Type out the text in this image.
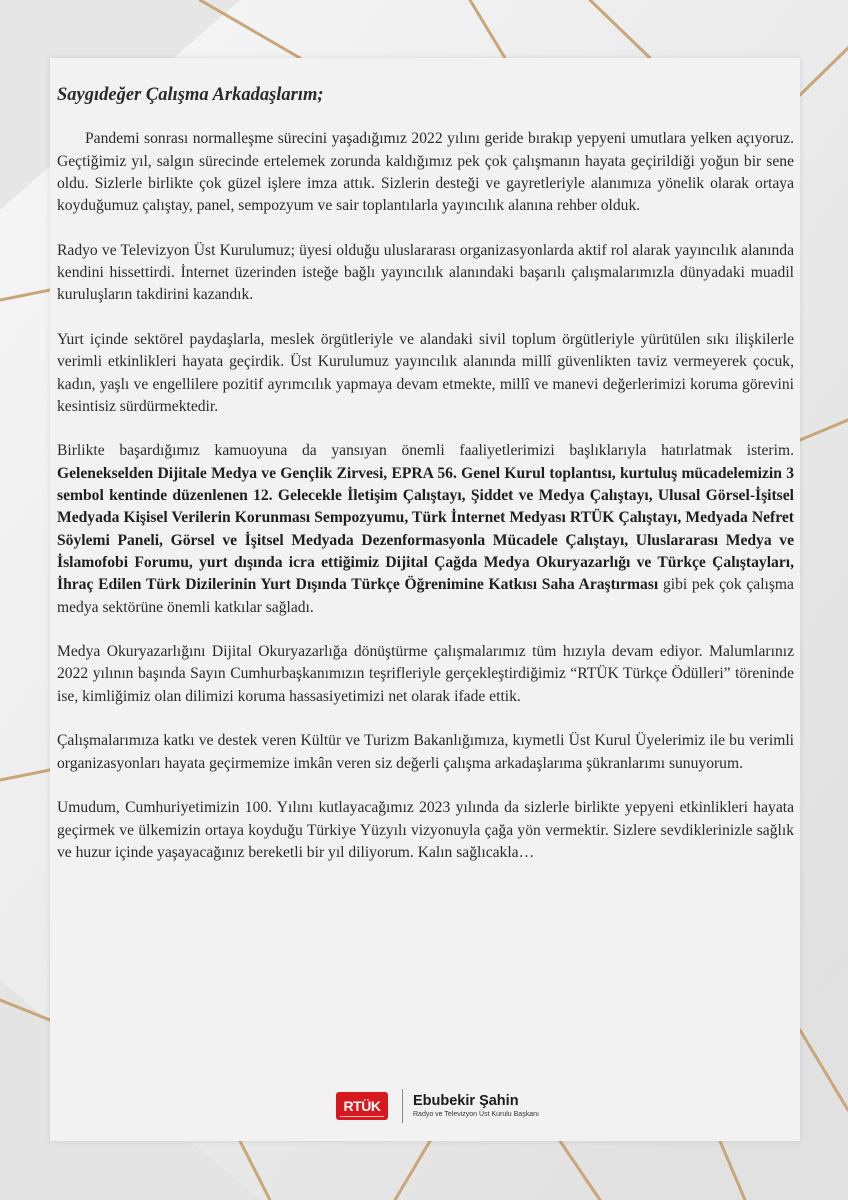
Saygıdeğer Çalışma Arkadaşlarım;

Pandemi sonrası normalleşme sürecini yaşadığımız 2022 yılını geride bırakıp yepyeni umutlara yelken açıyoruz. Geçtiğimiz yıl, salgın sürecinde ertelemek zorunda kaldığımız pek çok çalışmanın hayata geçirildiği yoğun bir sene oldu. Sizlerle birlikte çok güzel işlere imza attık. Sizlerin desteği ve gayretleriyle alanımıza yönelik olarak ortaya koyduğumuz çalıştay, panel, sempozyum ve sair toplantılarla yayıncılık alanına rehber olduk.

Radyo ve Televizyon Üst Kurulumuz; üyesi olduğu uluslararası organizasyonlarda aktif rol alarak yayıncılık alanında kendini hissettirdi. İnternet üzerinden isteğe bağlı yayıncılık alanındaki başarılı çalışmalarımızla dünyadaki muadil kuruluşların takdirini kazandık.

Yurt içinde sektörel paydaşlarla, meslek örgütleriyle ve alandaki sivil toplum örgütleriyle yürütülen sıkı ilişkilerle verimli etkinlikleri hayata geçirdik. Üst Kurulumuz yayıncılık alanında millî güvenlikten taviz vermeyerek çocuk, kadın, yaşlı ve engellilere pozitif ayrımcılık yapmaya devam etmekte, millî ve manevi değerlerimizi koruma görevini kesintisiz sürdürmektedir.

Birlikte başardığımız kamuoyuna da yansıyan önemli faaliyetlerimizi başlıklarıyla hatırlatmak isterim. Gelenekselden Dijitale Medya ve Gençlik Zirvesi, EPRA 56. Genel Kurul toplantısı, kurtuluş mücadelemizin 3 sembol kentinde düzenlenen 12. Gelecekle İletişim Çalıştayı, Şiddet ve Medya Çalıştayı, Ulusal Görsel-İşitsel Medyada Kişisel Verilerin Korunması Sempozyumu, Türk İnternet Medyası RTÜK Çalıştayı, Medyada Nefret Söylemi Paneli, Görsel ve İşitsel Medyada Dezenformasyonla Mücadele Çalıştayı, Uluslararası Medya ve İslamofobi Forumu, yurt dışında icra ettiğimiz Dijital Çağda Medya Okuryazarlığı ve Türkçe Çalıştayları, İhraç Edilen Türk Dizilerinin Yurt Dışında Türkçe Öğrenimine Katkısı Saha Araştırması gibi pek çok çalışma medya sektörüne önemli katkılar sağladı.

Medya Okuryazarlığını Dijital Okuryazarlığa dönüştürme çalışmalarımız tüm hızıyla devam ediyor. Malumlarınız 2022 yılının başında Sayın Cumhurbaşkanımızın teşrifleriyle gerçekleştirdiğimiz “RTÜK Türkçe Ödülleri” töreninde ise, kimliğimiz olan dilimizi koruma hassasiyetimizi net olarak ifade ettik.

Çalışmalarımıza katkı ve destek veren Kültür ve Turizm Bakanlığımıza, kıymetli Üst Kurul Üyelerimiz ile bu verimli organizasyonları hayata geçirmemize imkân veren siz değerli çalışma arkadaşlarıma şükranlarımı sunuyorum.

Umudum, Cumhuriyetimizin 100. Yılını kutlayacağımız 2023 yılında da sizlerle birlikte yepyeni etkinlikleri hayata geçirmek ve ülkemizin ortaya koyduğu Türkiye Yüzyılı vizyonuyla çağa yön vermektir. Sizlere sevdiklerinizle sağlık ve huzur içinde yaşayacağınız bereketli bir yıl diliyorum. Kalın sağlıcakla…

RTÜK	Ebubekir Şahin
Radyo ve Televizyon Üst Kurulu Başkanı
